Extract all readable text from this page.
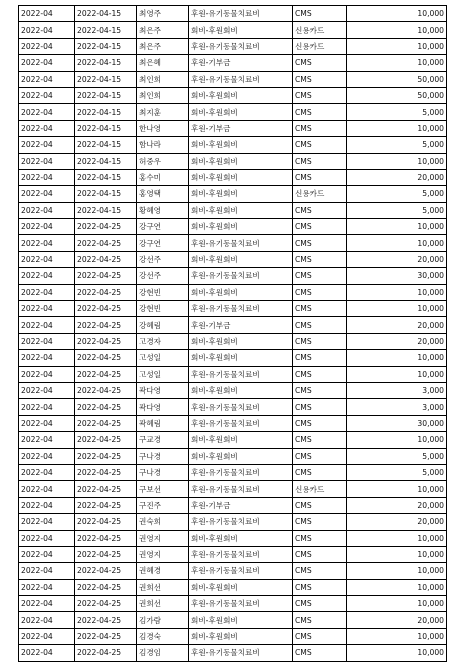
2022-04	2022-04-15	최영주	후원-유기동물치료비	CMS	10,000
2022-04	2022-04-15	최은주	회비-후원회비	신용카드	10,000
2022-04	2022-04-15	최은주	후원-유기동물치료비	신용카드	10,000
2022-04	2022-04-15	최은혜	후원-기부금	CMS	10,000
2022-04	2022-04-15	최인희	후원-유기동물치료비	CMS	50,000
2022-04	2022-04-15	최인희	회비-후원회비	CMS	50,000
2022-04	2022-04-15	최지훈	회비-후원회비	CMS	5,000
2022-04	2022-04-15	한나영	후원-기부금	CMS	10,000
2022-04	2022-04-15	함나라	회비-후원회비	CMS	5,000
2022-04	2022-04-15	허중우	회비-후원회비	CMS	10,000
2022-04	2022-04-15	홍수미	회비-후원회비	CMS	20,000
2022-04	2022-04-15	홍영택	회비-후원회비	신용카드	5,000
2022-04	2022-04-15	황혜영	회비-후원회비	CMS	5,000
2022-04	2022-04-25	강구연	회비-후원회비	CMS	10,000
2022-04	2022-04-25	강구연	후원-유기동물치료비	CMS	10,000
2022-04	2022-04-25	강선주	회비-후원회비	CMS	20,000
2022-04	2022-04-25	강선주	후원-유기동물치료비	CMS	30,000
2022-04	2022-04-25	강현빈	회비-후원회비	CMS	10,000
2022-04	2022-04-25	강현빈	후원-유기동물치료비	CMS	10,000
2022-04	2022-04-25	강혜림	후원-기부금	CMS	20,000
2022-04	2022-04-25	고경자	회비-후원회비	CMS	20,000
2022-04	2022-04-25	고성일	회비-후원회비	CMS	10,000
2022-04	2022-04-25	고성일	후원-유기동물치료비	CMS	10,000
2022-04	2022-04-25	곽다영	회비-후원회비	CMS	3,000
2022-04	2022-04-25	곽다영	후원-유기동물치료비	CMS	3,000
2022-04	2022-04-25	곽혜림	후원-유기동물치료비	CMS	30,000
2022-04	2022-04-25	구교경	회비-후원회비	CMS	10,000
2022-04	2022-04-25	구나경	회비-후원회비	CMS	5,000
2022-04	2022-04-25	구나경	후원-유기동물치료비	CMS	5,000
2022-04	2022-04-25	구보선	후원-유기동물치료비	신용카드	10,000
2022-04	2022-04-25	구진주	후원-기부금	CMS	20,000
2022-04	2022-04-25	권숙희	후원-유기동물치료비	CMS	20,000
2022-04	2022-04-25	권영지	회비-후원회비	CMS	10,000
2022-04	2022-04-25	권영지	후원-유기동물치료비	CMS	10,000
2022-04	2022-04-25	권혜경	후원-유기동물치료비	CMS	10,000
2022-04	2022-04-25	권희선	회비-후원회비	CMS	10,000
2022-04	2022-04-25	권희선	후원-유기동물치료비	CMS	10,000
2022-04	2022-04-25	김가람	회비-후원회비	CMS	20,000
2022-04	2022-04-25	김경숙	회비-후원회비	CMS	10,000
2022-04	2022-04-25	김경임	후원-유기동물치료비	CMS	10,000
